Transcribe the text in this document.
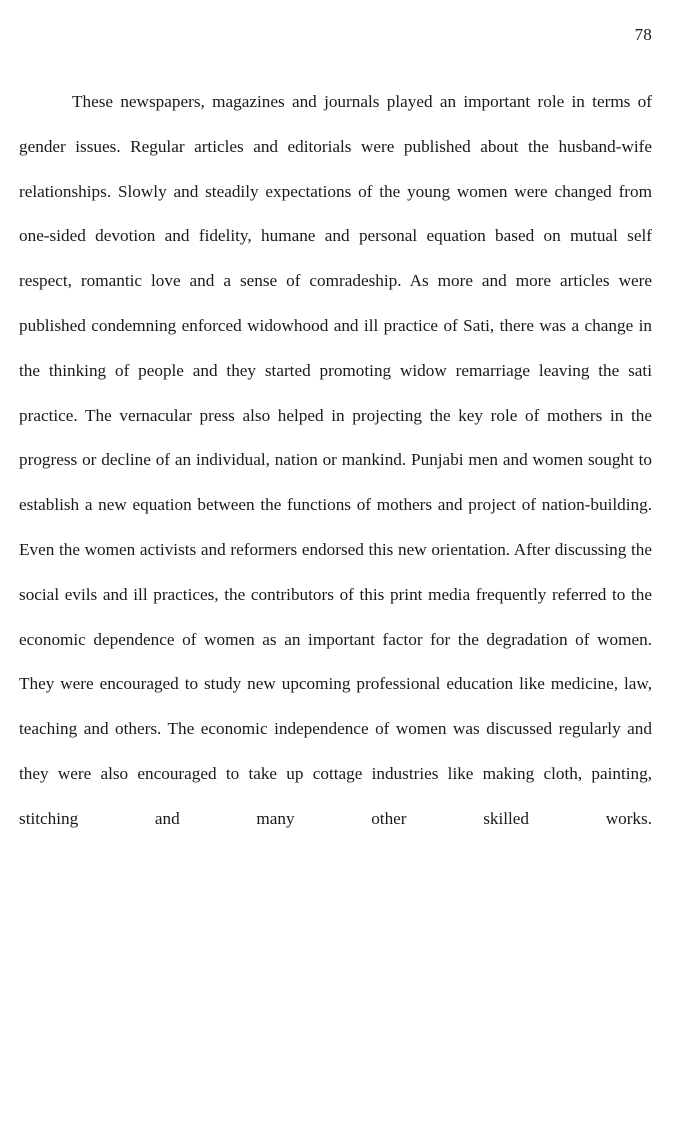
78

These newspapers, magazines and journals played an important role in terms of gender issues. Regular articles and editorials were published about the husband-wife relationships. Slowly and steadily expectations of the young women were changed from one-sided devotion and fidelity, humane and personal equation based on mutual self respect, romantic love and a sense of comradeship. As more and more articles were published condemning enforced widowhood and ill practice of Sati, there was a change in the thinking of people and they started promoting widow remarriage leaving the sati practice. The vernacular press also helped in projecting the key role of mothers in the progress or decline of an individual, nation or mankind. Punjabi men and women sought to establish a new equation between the functions of mothers and project of nation-building. Even the women activists and reformers endorsed this new orientation. After discussing the social evils and ill practices, the contributors of this print media frequently referred to the economic dependence of women as an important factor for the degradation of women. They were encouraged to study new upcoming professional education like medicine, law, teaching and others. The economic independence of women was discussed regularly and they were also encouraged to take up cottage industries like making cloth, painting, stitching and many other skilled works.
